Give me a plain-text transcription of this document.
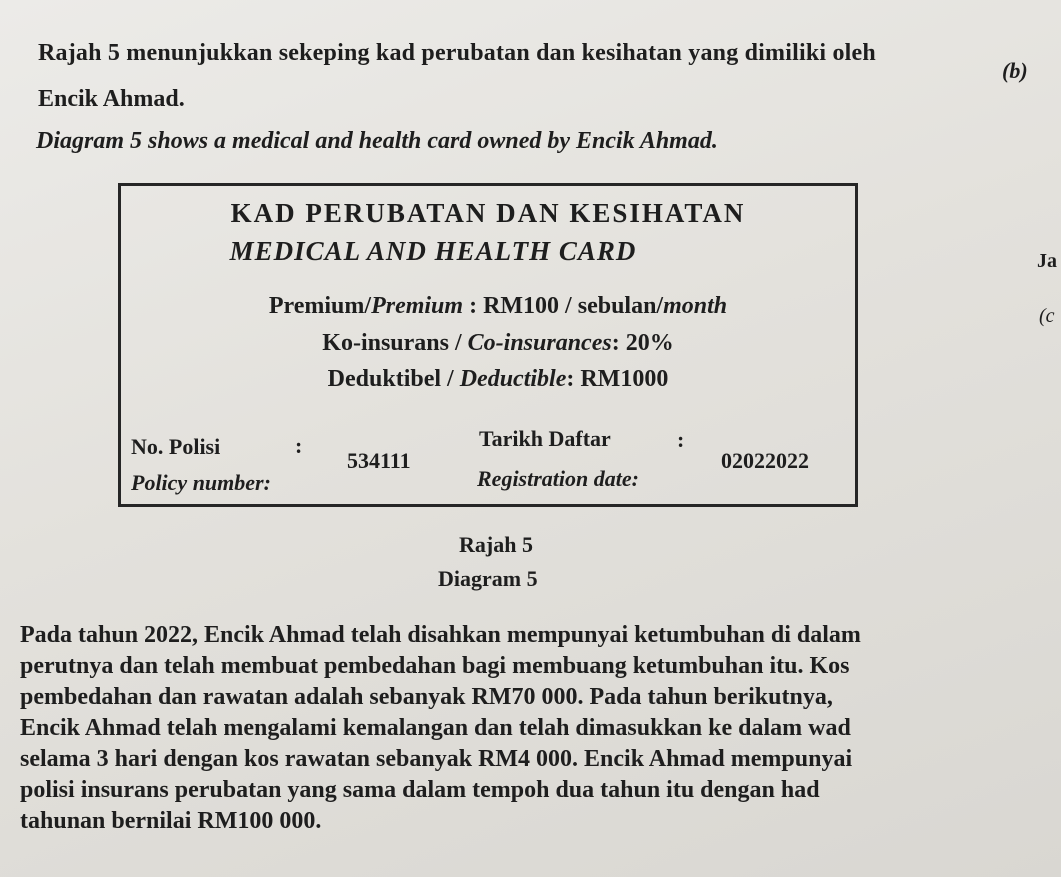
Rajah 5 menunjukkan sekeping kad perubatan dan kesihatan yang dimiliki oleh

Encik Ahmad.

Diagram 5 shows a medical and health card owned by Encik Ahmad.

(b)
Ja
(c
KAD PERUBATAN DAN KESIHATAN
MEDICAL AND HEALTH CARD
Premium/Premium : RM100 / sebulan/month
Ko-insurans / Co-insurances: 20%
Deduktibel / Deductible: RM1000
No. Polisi
Policy number:
:
534111
Tarikh Daftar
Registration date:
:
02022022
Rajah 5
Diagram 5
Pada tahun 2022, Encik Ahmad telah disahkan mempunyai ketumbuhan di dalam
perutnya dan telah membuat pembedahan bagi membuang ketumbuhan itu. Kos
pembedahan dan rawatan adalah sebanyak RM70 000. Pada tahun berikutnya,
Encik Ahmad telah mengalami kemalangan dan telah dimasukkan ke dalam wad
selama 3 hari dengan kos rawatan sebanyak RM4 000. Encik Ahmad mempunyai
polisi insurans perubatan yang sama dalam tempoh dua tahun itu dengan had
tahunan bernilai RM100 000.
